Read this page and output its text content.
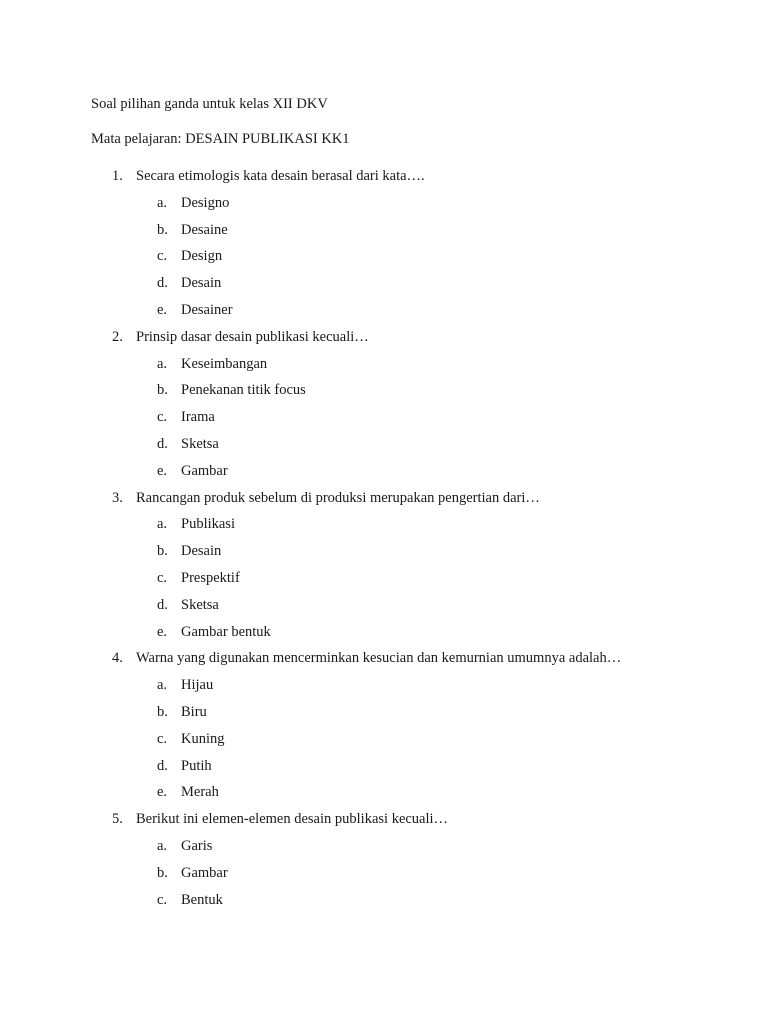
Soal pilihan ganda untuk kelas XII DKV
Mata pelajaran: DESAIN PUBLIKASI KK1
1. Secara etimologis kata desain berasal dari kata….
a. Designo
b. Desaine
c. Design
d. Desain
e. Desainer
2. Prinsip dasar desain publikasi kecuali…
a. Keseimbangan
b. Penekanan titik focus
c. Irama
d. Sketsa
e. Gambar
3. Rancangan produk sebelum di produksi merupakan pengertian dari…
a. Publikasi
b. Desain
c. Prespektif
d. Sketsa
e. Gambar bentuk
4. Warna yang digunakan mencerminkan kesucian dan kemurnian umumnya adalah…
a. Hijau
b. Biru
c. Kuning
d. Putih
e. Merah
5. Berikut ini elemen-elemen desain publikasi kecuali…
a. Garis
b. Gambar
c. Bentuk
